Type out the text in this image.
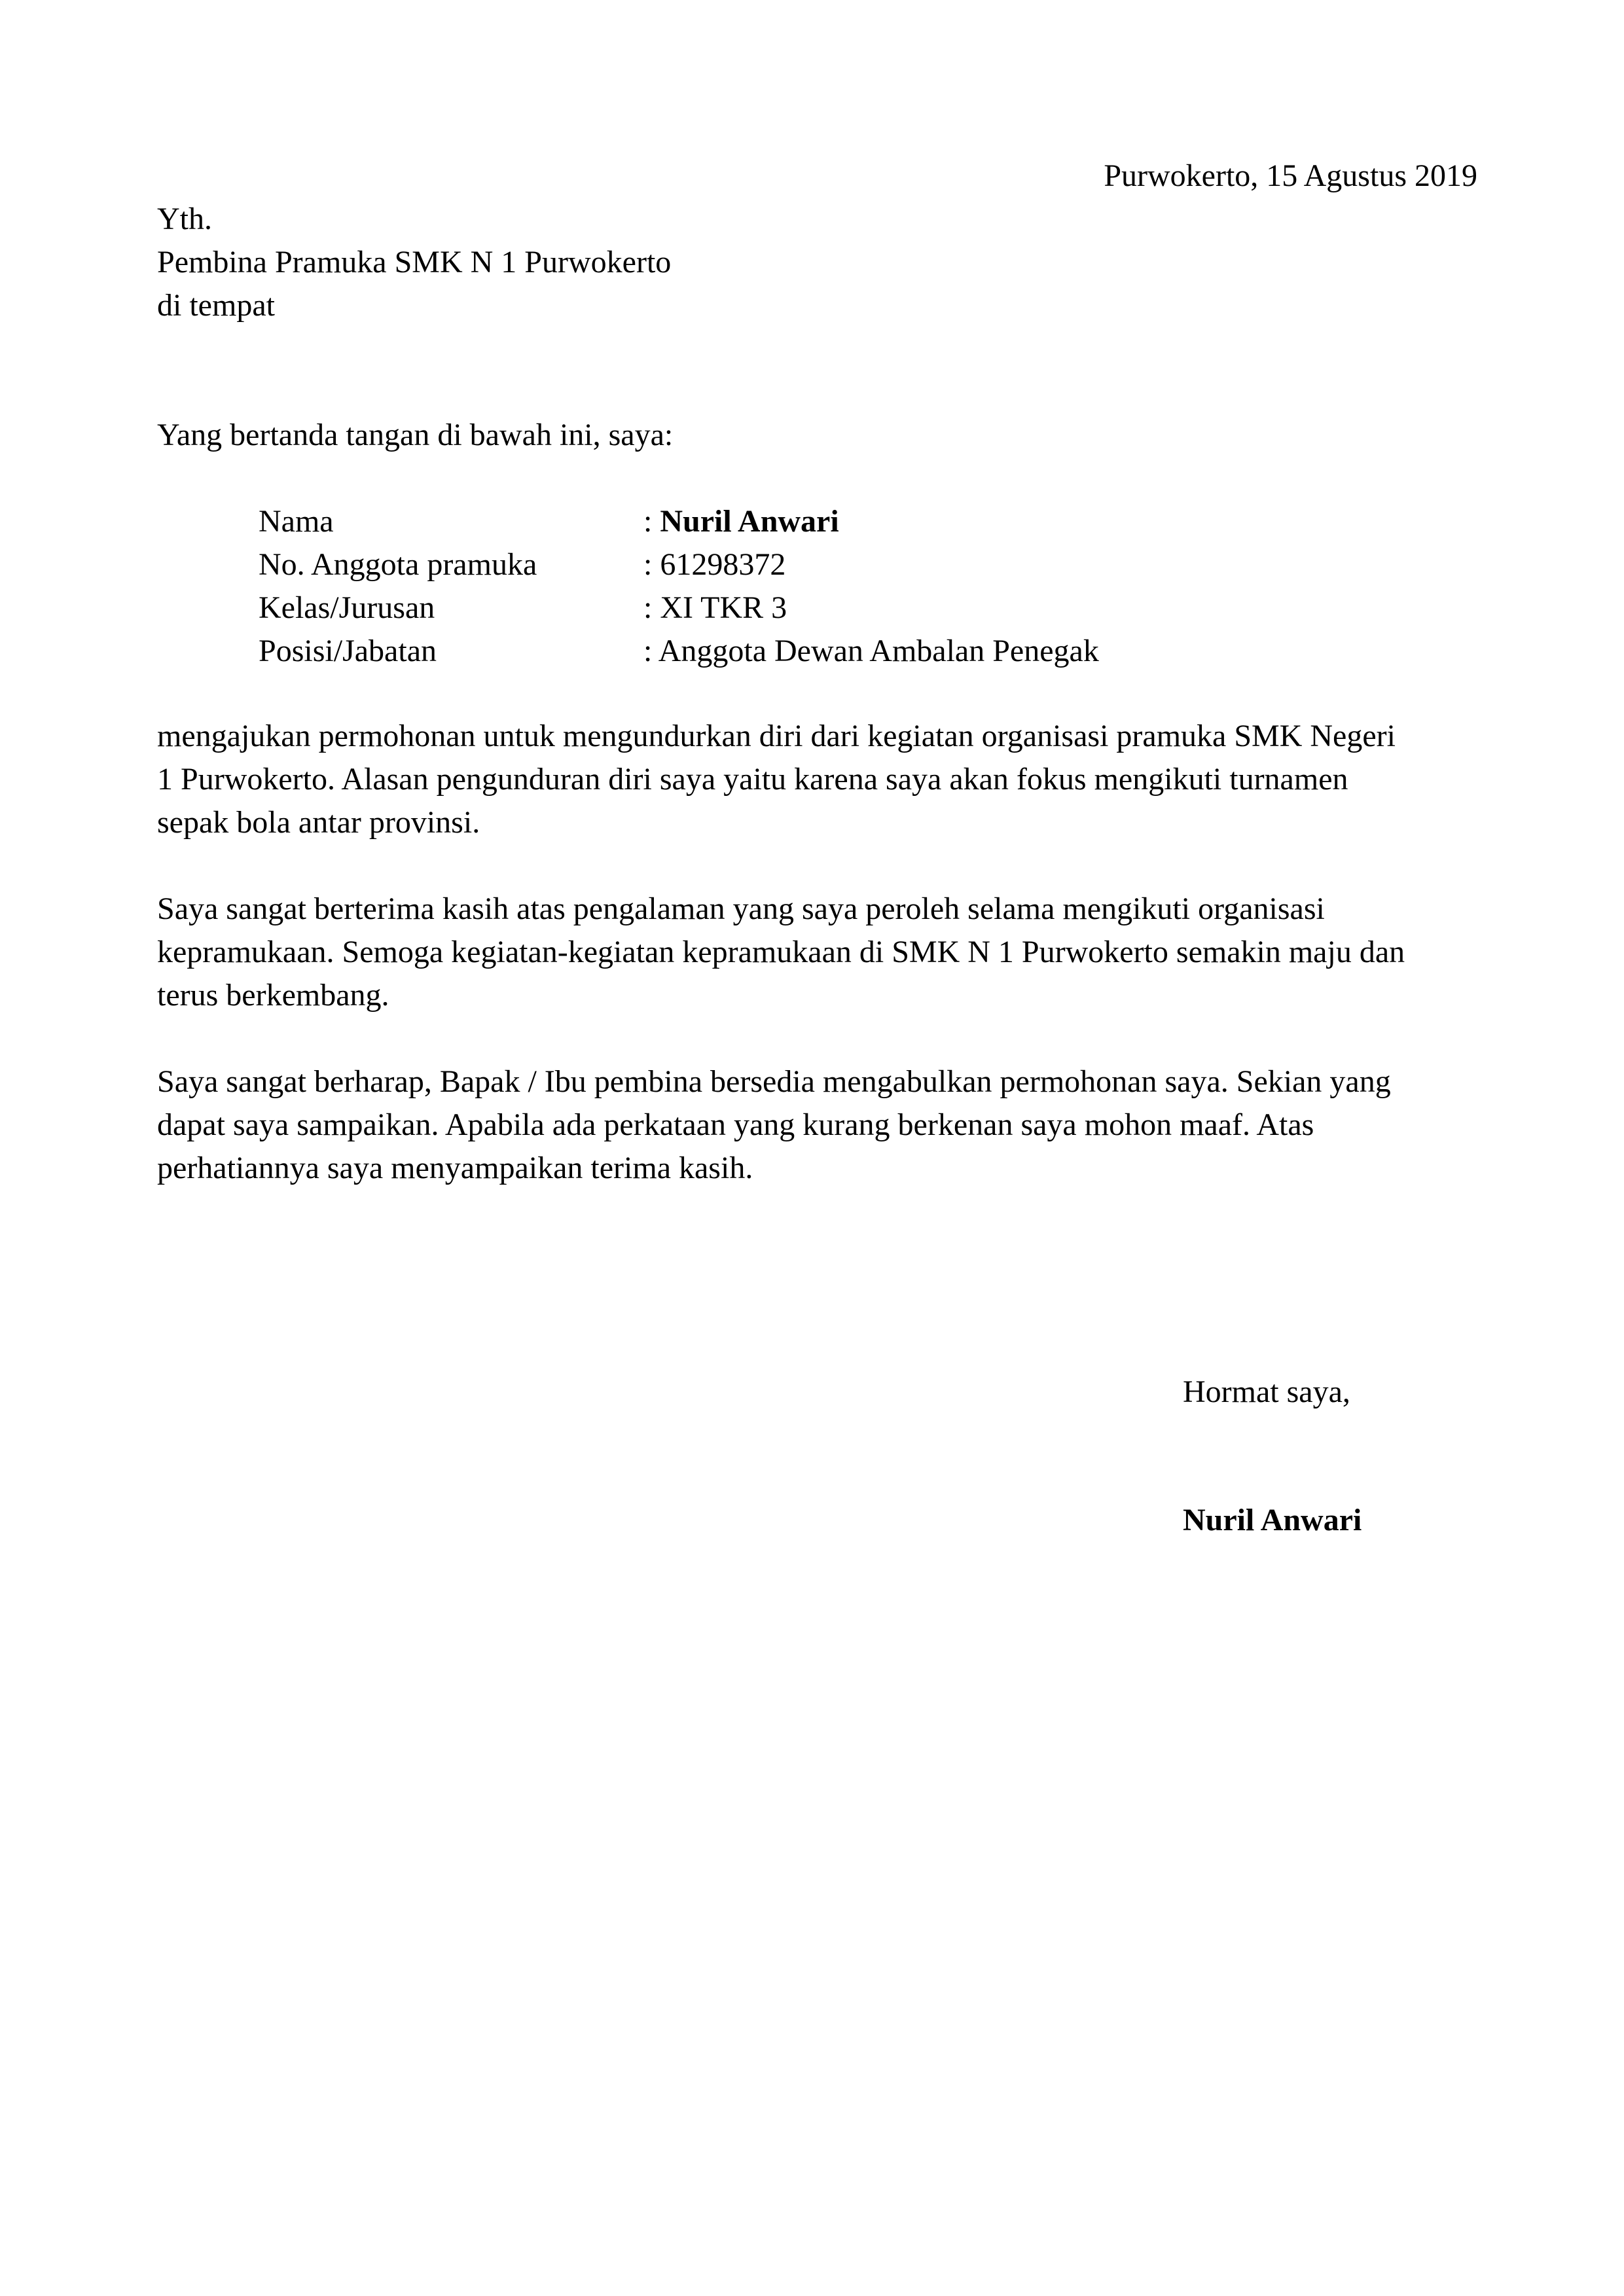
Purwokerto, 15 Agustus 2019
Yth.
Pembina Pramuka SMK N 1 Purwokerto
di tempat
Yang bertanda tangan di bawah ini, saya:
Nama	: Nuril Anwari
No. Anggota pramuka	: 61298372
Kelas/Jurusan	: XI TKR 3
Posisi/Jabatan	: Anggota Dewan Ambalan Penegak
mengajukan permohonan untuk mengundurkan diri dari kegiatan organisasi pramuka SMK Negeri
1 Purwokerto. Alasan pengunduran diri saya yaitu karena saya akan fokus mengikuti turnamen
sepak bola antar provinsi.
Saya sangat berterima kasih atas pengalaman yang saya peroleh selama mengikuti organisasi
kepramukaan. Semoga kegiatan-kegiatan kepramukaan di SMK N 1 Purwokerto semakin maju dan
terus berkembang.
Saya sangat berharap, Bapak / Ibu pembina bersedia mengabulkan permohonan saya. Sekian yang
dapat saya sampaikan. Apabila ada perkataan yang kurang berkenan saya mohon maaf. Atas
perhatiannya saya menyampaikan terima kasih.
Hormat saya,
Nuril Anwari
